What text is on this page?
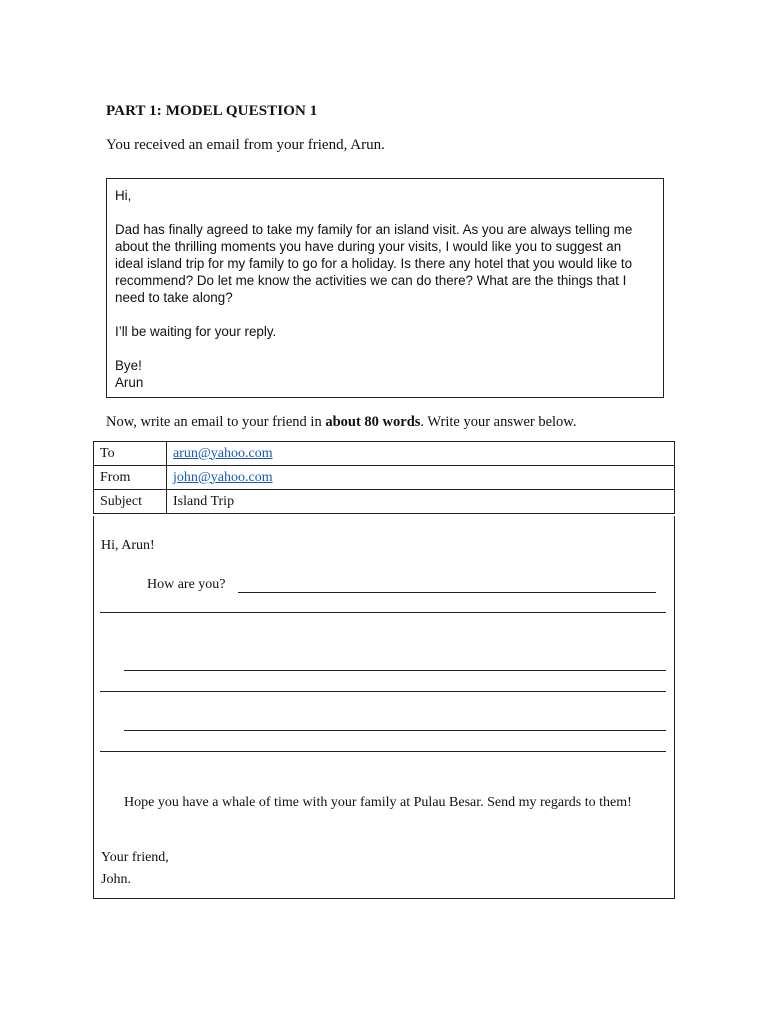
PART 1: MODEL QUESTION 1
You received an email from your friend, Arun.

Hi,

Dad has finally agreed to take my family for an island visit. As you are always telling me

about the thrilling moments you have during your visits, I would like you to suggest an

ideal island trip for my family to go for a holiday. Is there any hotel that you would like to

recommend? Do let me know the activities we can do there? What are the things that I

need to take along?

I’ll be waiting for your reply.

Bye!

Arun

Now, write an email to your friend in about 80 words. Write your answer below.
To	arun@yahoo.com
From	john@yahoo.com
Subject	Island Trip
Hi, Arun!
How are you?
Hope you have a whale of time with your family at Pulau Besar. Send my regards to them!
Your friend,
John.
